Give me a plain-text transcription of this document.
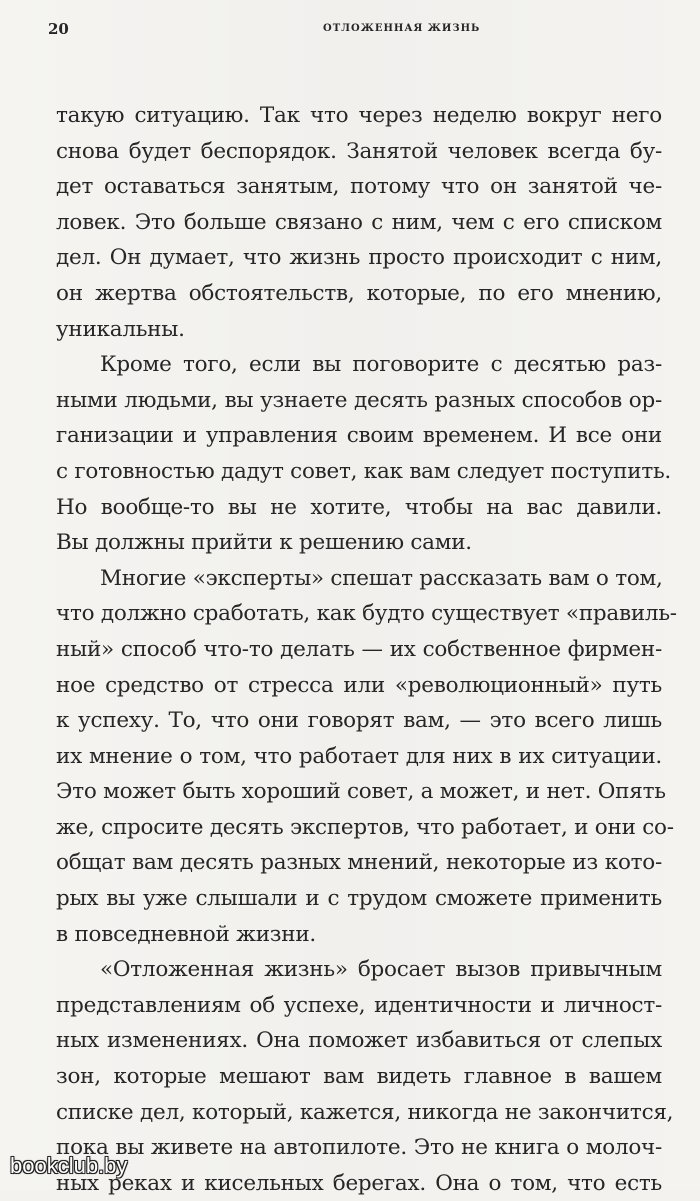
20	ОТЛОЖЕННАЯ ЖИЗНЬ

такую ситуацию. Так что через неделю вокруг него
снова будет беспорядок. Занятой человек всегда бу-
дет оставаться занятым, потому что он занятой че-
ловек. Это больше связано с ним, чем с его списком
дел. Он думает, что жизнь просто происходит с ним,
он жертва обстоятельств, которые, по его мнению,
уникальны.

Кроме того, если вы поговорите с десятью раз-
ными людьми, вы узнаете десять разных способов ор-
ганизации и управления своим временем. И все они
с готовностью дадут совет, как вам следует поступить.
Но вообще-то вы не хотите, чтобы на вас давили.
Вы должны прийти к решению сами.

Многие «эксперты» спешат рассказать вам о том,
что должно сработать, как будто существует «правиль-
ный» способ что-то делать — их собственное фирмен-
ное средство от стресса или «революционный» путь
к успеху. То, что они говорят вам, — это всего лишь
их мнение о том, что работает для них в их ситуации.
Это может быть хороший совет, а может, и нет. Опять
же, спросите десять экспертов, что работает, и они со-
общат вам десять разных мнений, некоторые из кото-
рых вы уже слышали и с трудом сможете применить
в повседневной жизни.

«Отложенная жизнь» бросает вызов привычным
представлениям об успехе, идентичности и личност-
ных изменениях. Она поможет избавиться от слепых
зон, которые мешают вам видеть главное в вашем
списке дел, который, кажется, никогда не закончится,
пока вы живете на автопилоте. Это не книга о молоч-
ных реках и кисельных берегах. Она о том, что есть

bookclub.by
